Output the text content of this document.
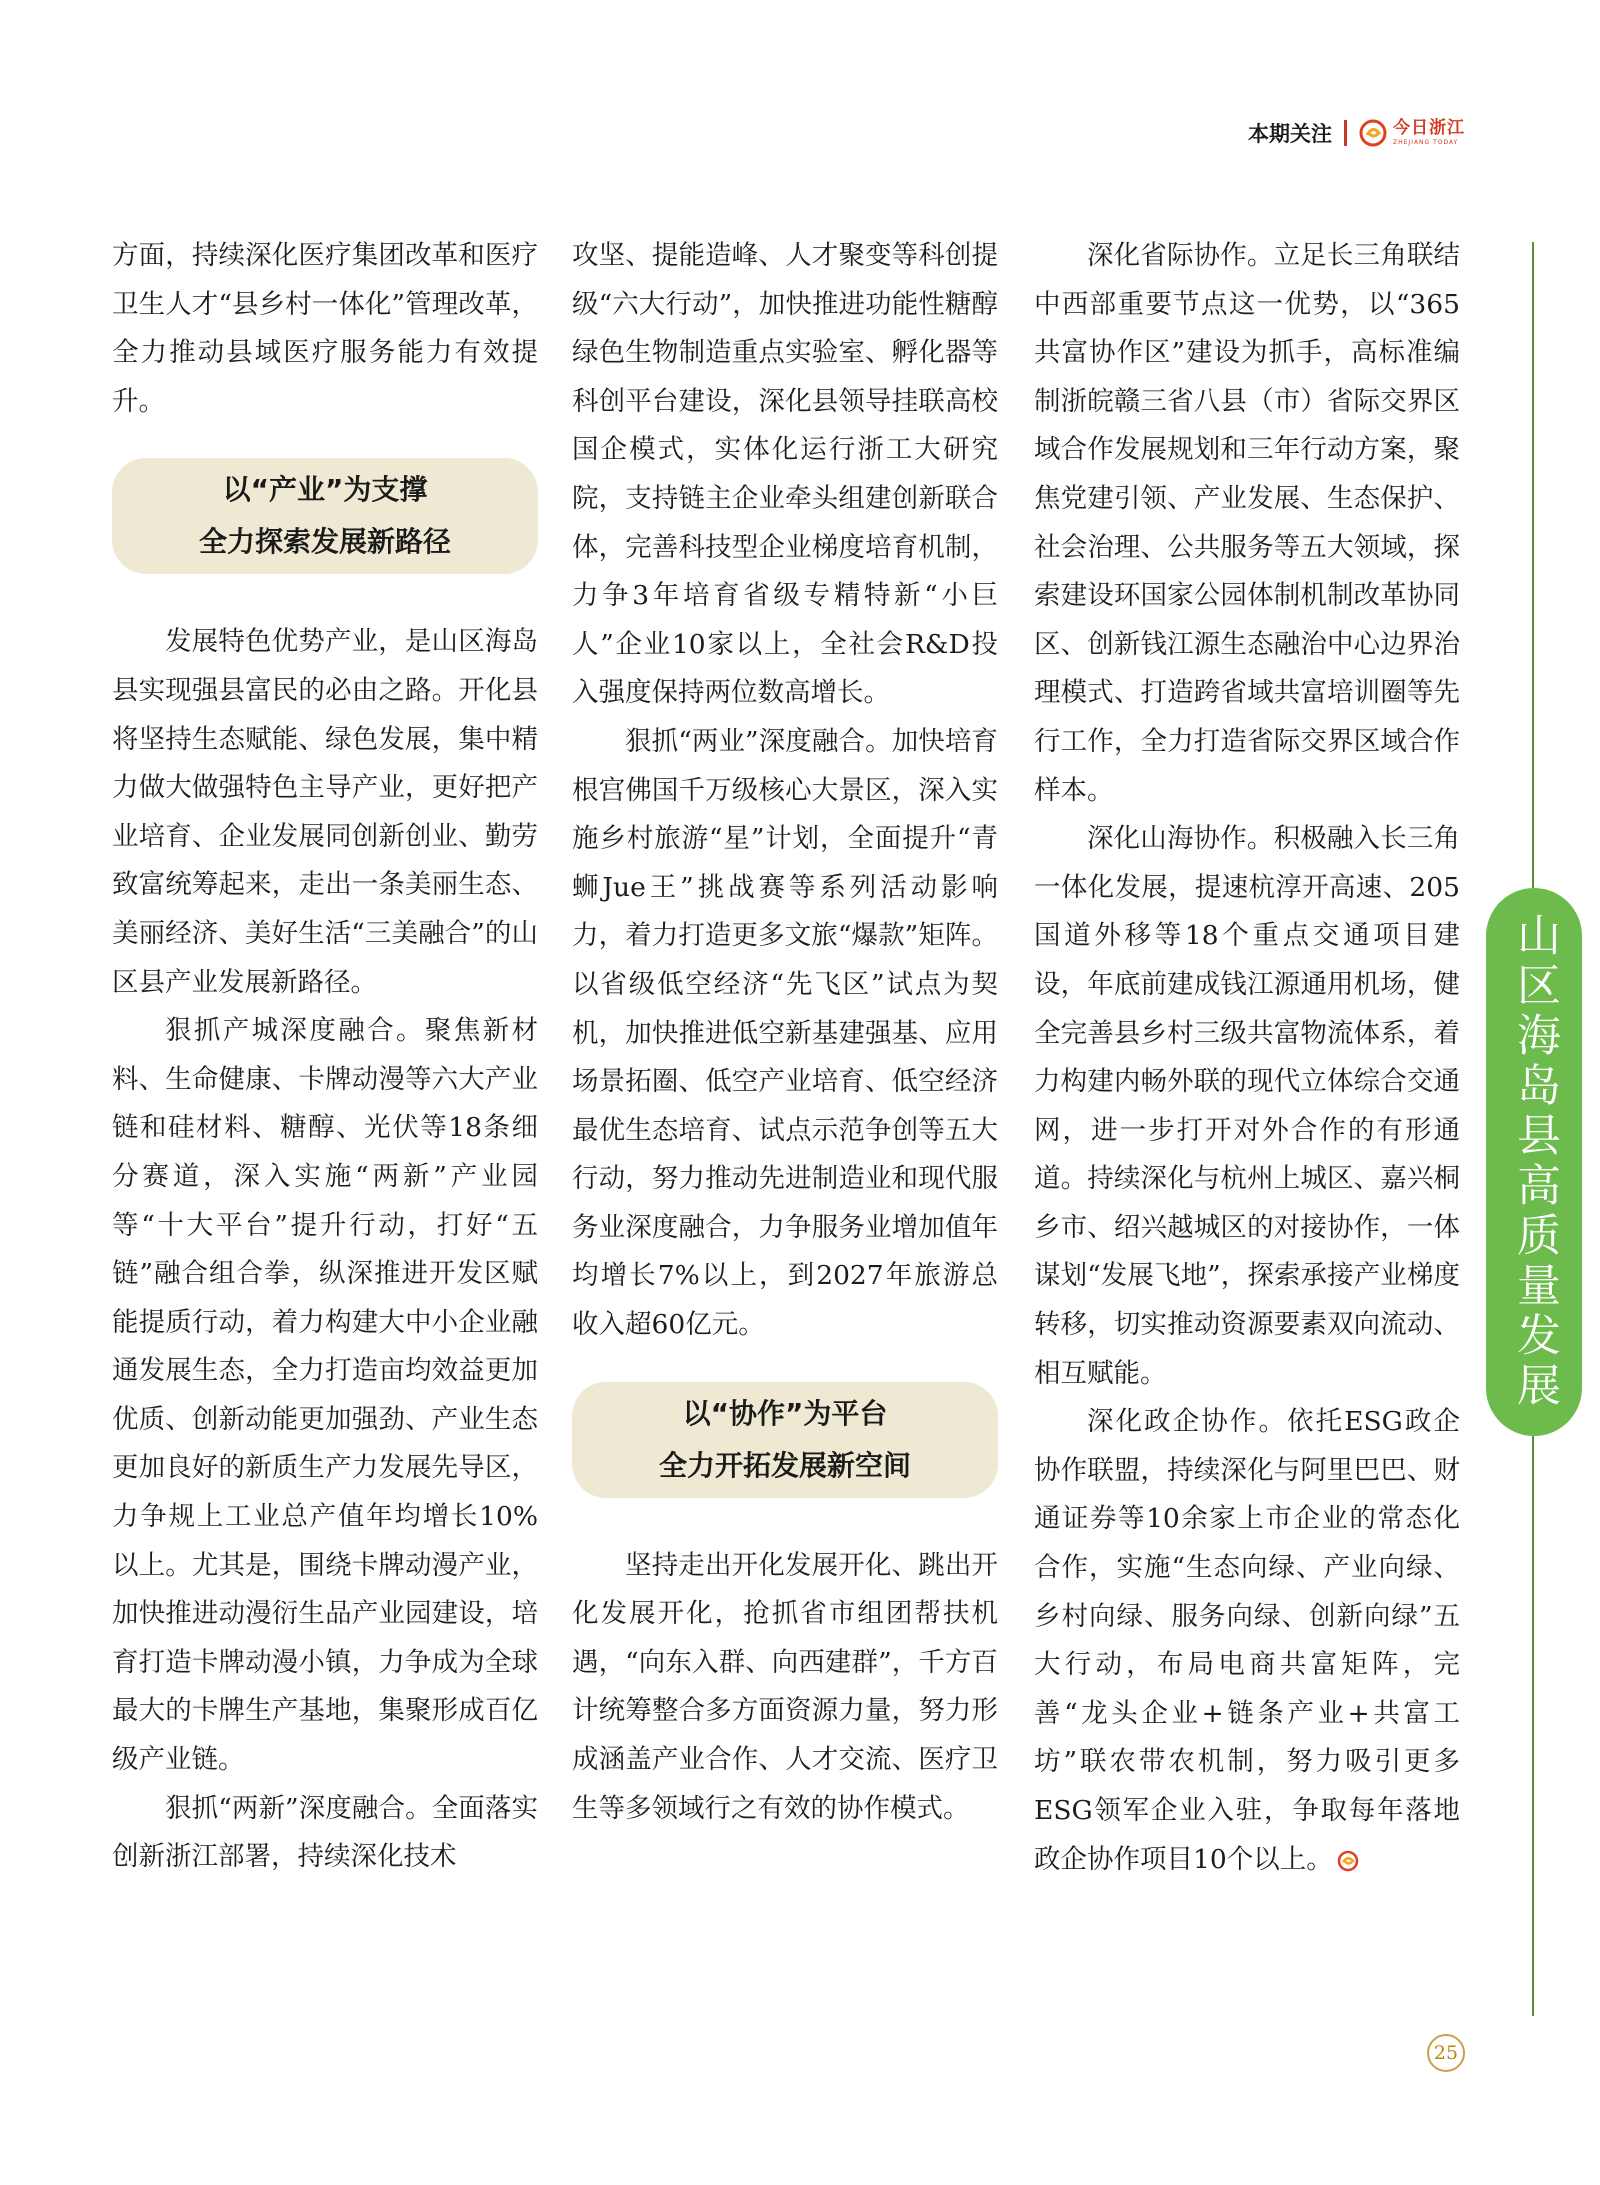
本期关注	今日浙江
ZHEJIANG TODAY

方面，持续深化医疗集团改革和医疗卫生人才“县乡村一体化”管理改革，全力推动县域医疗服务能力有效提升。

以“产业”为支撑
全力探索发展新路径

发展特色优势产业，是山区海岛县实现强县富民的必由之路。开化县将坚持生态赋能、绿色发展，集中精力做大做强特色主导产业，更好把产业培育、企业发展同创新创业、勤劳致富统筹起来，走出一条美丽生态、美丽经济、美好生活“三美融合”的山区县产业发展新路径。

狠抓产城深度融合。聚焦新材料、生命健康、卡牌动漫等六大产业链和硅材料、糖醇、光伏等18条细分赛道，深入实施“两新”产业园等“十大平台”提升行动，打好“五链”融合组合拳，纵深推进开发区赋能提质行动，着力构建大中小企业融通发展生态，全力打造亩均效益更加优质、创新动能更加强劲、产业生态更加良好的新质生产力发展先导区，力争规上工业总产值年均增长10%以上。尤其是，围绕卡牌动漫产业，加快推进动漫衍生品产业园建设，培育打造卡牌动漫小镇，力争成为全球最大的卡牌生产基地，集聚形成百亿级产业链。

狠抓“两新”深度融合。全面落实创新浙江部署，持续深化技术

攻坚、提能造峰、人才聚变等科创提级“六大行动”，加快推进功能性糖醇绿色生物制造重点实验室、孵化器等科创平台建设，深化县领导挂联高校国企模式，实体化运行浙工大研究院，支持链主企业牵头组建创新联合体，完善科技型企业梯度培育机制，力争3年培育省级专精特新“小巨人”企业10家以上，全社会R&D投入强度保持两位数高增长。

狠抓“两业”深度融合。加快培育根宫佛国千万级核心大景区，深入实施乡村旅游“星”计划，全面提升“青蛳Jue王”挑战赛等系列活动影响力，着力打造更多文旅“爆款”矩阵。以省级低空经济“先飞区”试点为契机，加快推进低空新基建强基、应用场景拓圈、低空产业培育、低空经济最优生态培育、试点示范争创等五大行动，努力推动先进制造业和现代服务业深度融合，力争服务业增加值年均增长7%以上，到2027年旅游总收入超60亿元。

以“协作”为平台
全力开拓发展新空间

坚持走出开化发展开化、跳出开化发展开化，抢抓省市组团帮扶机遇，“向东入群、向西建群”，千方百计统筹整合多方面资源力量，努力形成涵盖产业合作、人才交流、医疗卫生等多领域行之有效的协作模式。

深化省际协作。立足长三角联结中西部重要节点这一优势，以“365共富协作区”建设为抓手，高标准编制浙皖赣三省八县（市）省际交界区域合作发展规划和三年行动方案，聚焦党建引领、产业发展、生态保护、社会治理、公共服务等五大领域，探索建设环国家公园体制机制改革协同区、创新钱江源生态融治中心边界治理模式、打造跨省域共富培训圈等先行工作，全力打造省际交界区域合作样本。

深化山海协作。积极融入长三角一体化发展，提速杭淳开高速、205国道外移等18个重点交通项目建设，年底前建成钱江源通用机场，健全完善县乡村三级共富物流体系，着力构建内畅外联的现代立体综合交通网，进一步打开对外合作的有形通道。持续深化与杭州上城区、嘉兴桐乡市、绍兴越城区的对接协作，一体谋划“发展飞地”，探索承接产业梯度转移，切实推动资源要素双向流动、相互赋能。

深化政企协作。依托ESG政企协作联盟，持续深化与阿里巴巴、财通证券等10余家上市企业的常态化合作，实施“生态向绿、产业向绿、乡村向绿、服务向绿、创新向绿”五大行动，布局电商共富矩阵，完善“龙头企业+链条产业+共富工坊”联农带农机制，努力吸引更多ESG领军企业入驻，争取每年落地政企协作项目10个以上。

山区海岛县高质量发展
25
